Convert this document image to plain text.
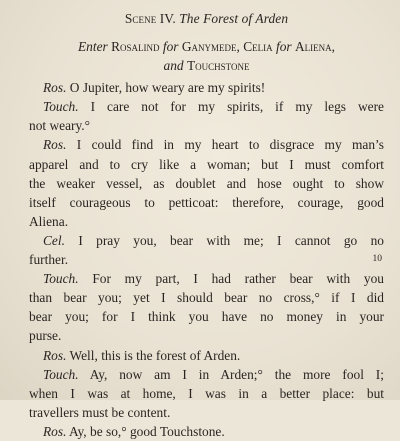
Scene IV. The Forest of Arden
Enter Rosalind for Ganymede, Celia for Aliena,
and Touchstone
Ros. O Jupiter, how weary are my spirits!
Touch. I care not for my spirits, if my legs were
not weary.°
Ros. I could find in my heart to disgrace my man’s
apparel and to cry like a woman; but I must comfort
the weaker vessel, as doublet and hose ought to show
itself courageous to petticoat: therefore, courage, good
Aliena.
Cel. I pray you, bear with me; I cannot go no
further.	10
Touch. For my part, I had rather bear with you
than bear you; yet I should bear no cross,° if I did
bear you; for I think you have no money in your
purse.
Ros. Well, this is the forest of Arden.
Touch. Ay, now am I in Arden;° the more fool I;
when I was at home, I was in a better place: but
travellers must be content.
Ros. Ay, be so,° good Touchstone.
